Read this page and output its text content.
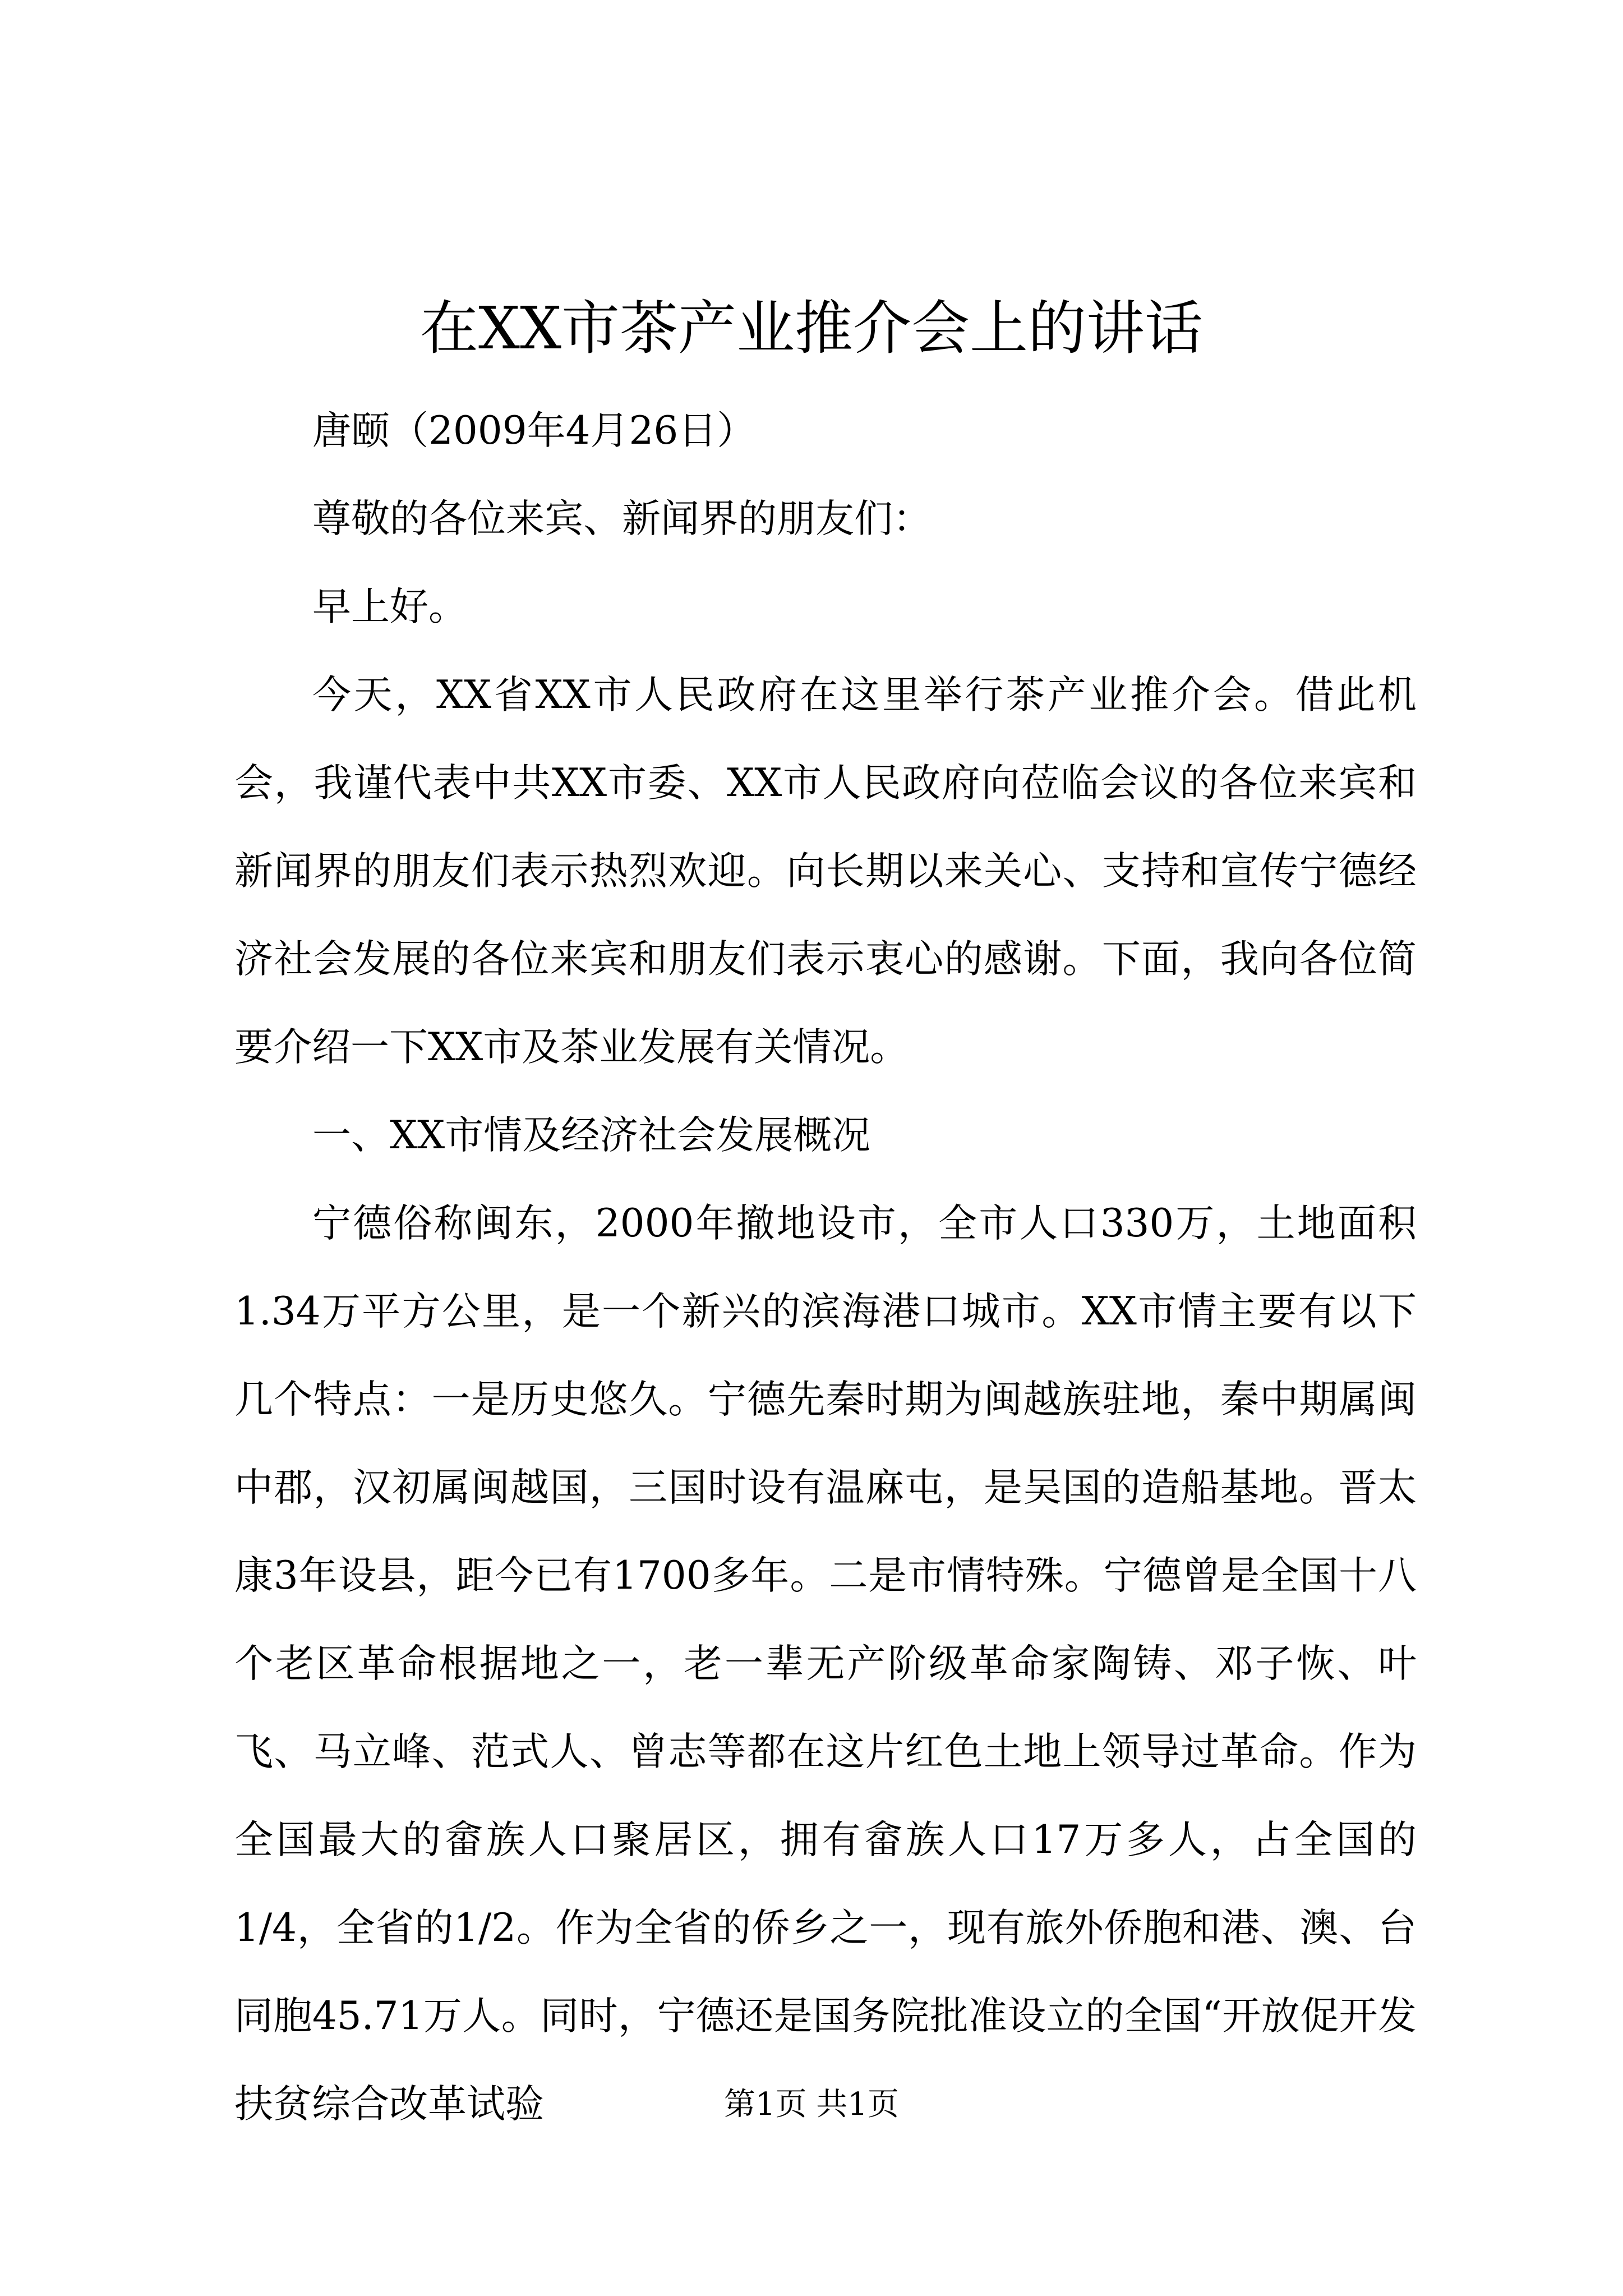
在XX市茶产业推介会上的讲话

唐颐（2009年4月26日）

尊敬的各位来宾、新闻界的朋友们：

早上好。

今天，XX省XX市人民政府在这里举行茶产业推介会。借此机会，我谨代表中共XX市委、XX市人民政府向莅临会议的各位来宾和新闻界的朋友们表示热烈欢迎。向长期以来关心、支持和宣传宁德经济社会发展的各位来宾和朋友们表示衷心的感谢。下面，我向各位简要介绍一下XX市及茶业发展有关情况。

一、XX市情及经济社会发展概况

宁德俗称闽东，2000年撤地设市，全市人口330万，土地面积1.34万平方公里，是一个新兴的滨海港口城市。XX市情主要有以下几个特点：一是历史悠久。宁德先秦时期为闽越族驻地，秦中期属闽中郡，汉初属闽越国，三国时设有温麻屯，是吴国的造船基地。晋太康3年设县，距今已有1700多年。二是市情特殊。宁德曾是全国十八个老区革命根据地之一，老一辈无产阶级革命家陶铸、邓子恢、叶飞、马立峰、范式人、曾志等都在这片红色土地上领导过革命。作为全国最大的畲族人口聚居区，拥有畲族人口17万多人，占全国的1/4，全省的1/2。作为全省的侨乡之一，现有旅外侨胞和港、澳、台同胞45.71万人。同时，宁德还是国务院批准设立的全国“开放促开发扶贫综合改革试验	第1页 共1页
